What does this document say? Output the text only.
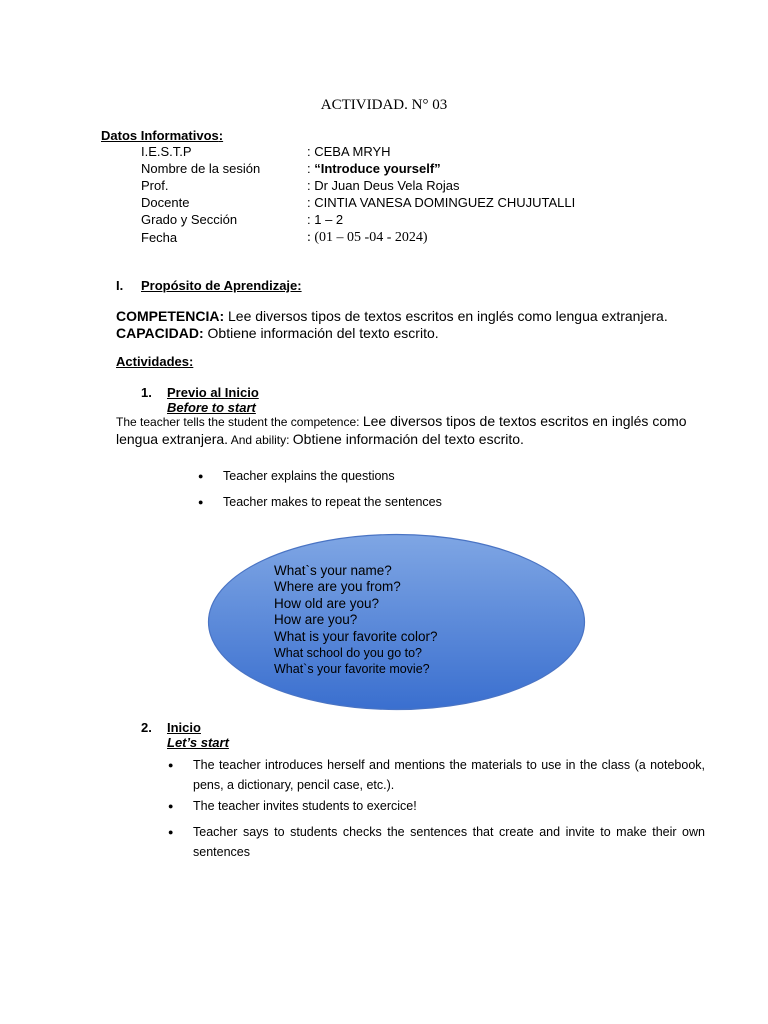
ACTIVIDAD. N° 03
Datos Informativos:
I.E.S.T.P	: CEBA MRYH
Nombre de la sesión	: “Introduce yourself”
Prof.	: Dr Juan Deus Vela Rojas
Docente	: CINTIA VANESA DOMINGUEZ CHUJUTALLI
Grado y Sección	: 1 – 2
Fecha	: (01 – 05 -04 - 2024)
I. Propósito de Aprendizaje:
COMPETENCIA: Lee diversos tipos de textos escritos en inglés como lengua extranjera.
CAPACIDAD: Obtiene información del texto escrito.
Actividades:
1. Previo al Inicio
Before to start
The teacher tells the student the competence: Lee diversos tipos de textos escritos en inglés como lengua extranjera. And ability: Obtiene información del texto escrito.
● Teacher explains the questions
● Teacher makes to repeat the sentences
What`s your name?
Where are you from?
How old are you?
How are you?
What is your favorite color?
What school do you go to?
What`s your favorite movie?
2. Inicio
Let’s start
● The teacher introduces herself and mentions the materials to use in the class (a notebook, pens, a dictionary, pencil case, etc.).
● The teacher invites students to exercice!
● Teacher says to students checks the sentences that create and invite to make their own sentences
